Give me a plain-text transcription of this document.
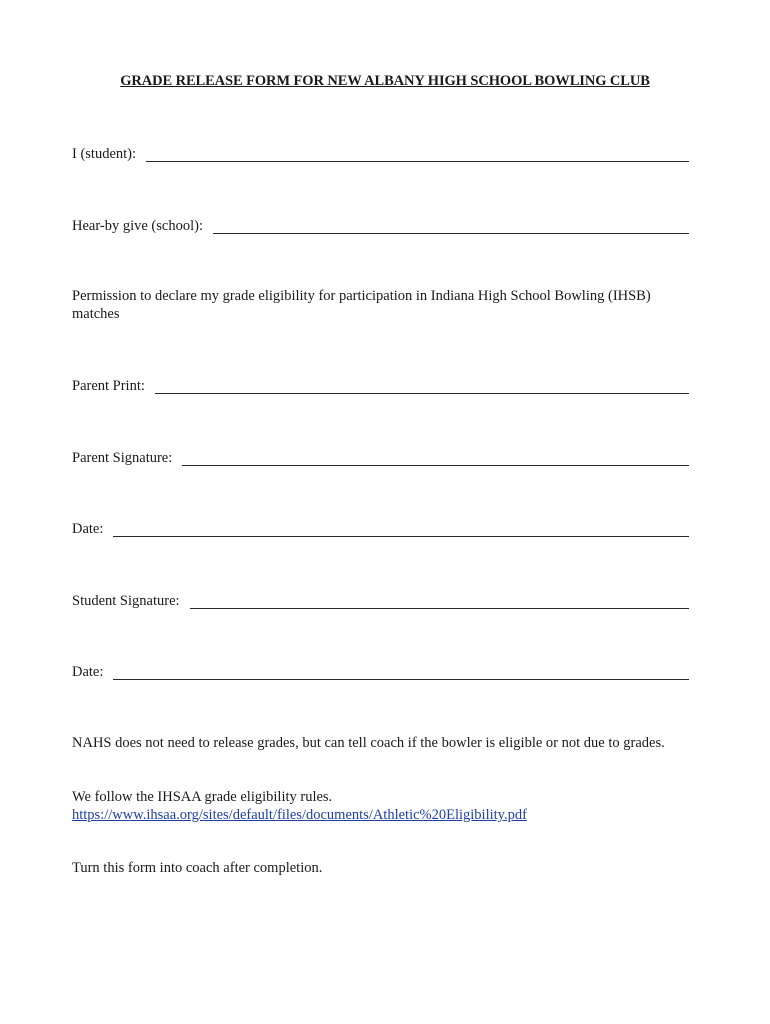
GRADE RELEASE FORM FOR NEW ALBANY HIGH SCHOOL BOWLING CLUB
I (student):
Hear-by give (school):
Permission to declare my grade eligibility for participation in Indiana High School Bowling (IHSB) matches
Parent Print:
Parent Signature:
Date:
Student Signature:
Date:
NAHS does not need to release grades, but can tell coach if the bowler is eligible or not due to grades.
We follow the IHSAA grade eligibility rules.
https://www.ihsaa.org/sites/default/files/documents/Athletic%20Eligibility.pdf
Turn this form into coach after completion.
